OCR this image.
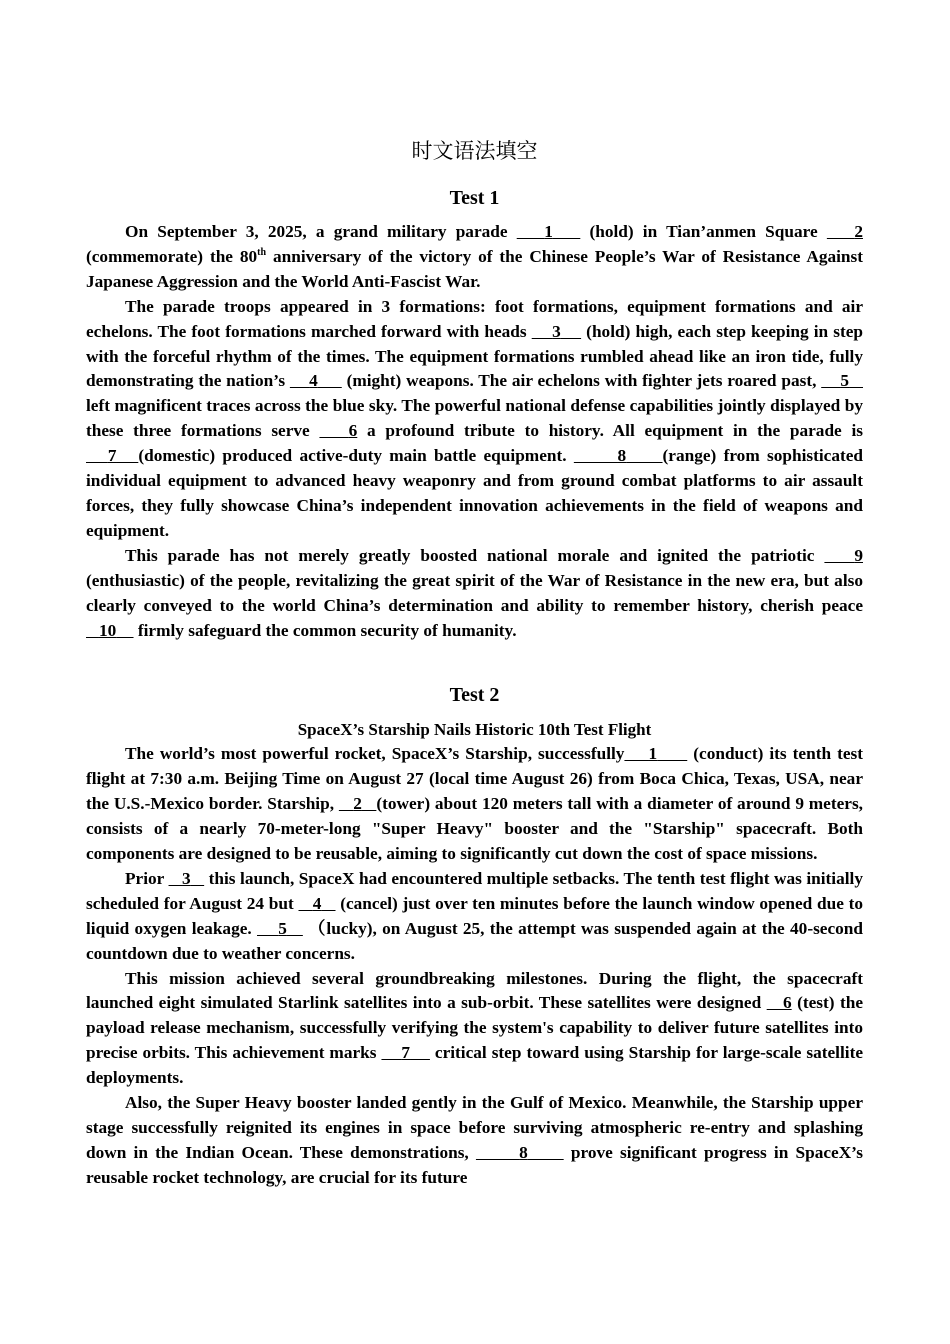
时文语法填空
Test 1

On September 3, 2025, a grand military parade    1    (hold) in Tian’anmen Square    2 (commemorate) the 80th anniversary of the victory of the Chinese People’s War of Resistance Against Japanese Aggression and the World Anti-Fascist War.

The parade troops appeared in 3 formations: foot formations, equipment formations and air echelons. The foot formations marched forward with heads     3     (hold) high, each step keeping in step with the forceful rhythm of the times. The equipment formations rumbled ahead like an iron tide, fully demonstrating the nation’s     4      (might) weapons. The air echelons with fighter jets roared past,     5    left magnificent traces across the blue sky. The powerful national defense capabilities jointly displayed by these three formations serve    6 a profound tribute to history. All equipment in the parade is    7 (domestic) produced active-duty main battle equipment.	8 (range) from sophisticated individual equipment to advanced heavy weaponry and from ground combat platforms to air assault forces, they fully showcase China’s independent innovation achievements in the field of weapons and equipment.

This parade has not merely greatly boosted national morale and ignited the patriotic    9 (enthusiastic) of the people, revitalizing the great spirit of the War of Resistance in the new era, but also clearly conveyed to the world China’s determination and ability to remember history, cherish peace    10     firmly safeguard the common security of humanity.

Test 2
SpaceX’s Starship Nails Historic 10th Test Flight

The world’s most powerful rocket, SpaceX’s Starship, successfully 1      (conduct) its tenth test flight at 7:30 a.m. Beijing Time on August 27 (local time August 26) from Boca Chica, Texas, USA, near the U.S.-Mexico border. Starship,    2 (tower) about 120 meters tall with a diameter of around 9 meters, consists of a nearly 70-meter-long "Super Heavy" booster and the "Starship" spacecraft. Both components are designed to be reusable, aiming to significantly cut down the cost of space missions.

Prior    3    this launch, SpaceX had encountered multiple setbacks. The tenth test flight was initially scheduled for August 24 but    4    (cancel) just over ten minutes before the launch window opened due to liquid oxygen leakage.     5    （lucky), on August 25, the attempt was suspended again at the 40-second countdown due to weather concerns.

This mission achieved several groundbreaking milestones. During the flight, the spacecraft launched eight simulated Starlink satellites into a sub-orbit. These satellites were designed    6 (test) the payload release mechanism, successfully verifying the system's capability to deliver future satellites into precise orbits. This achievement marks     7     critical step toward using Starship for large-scale satellite deployments.

Also, the Super Heavy booster landed gently in the Gulf of Mexico. Meanwhile, the Starship upper stage successfully reignited its engines in space before surviving atmospheric re-entry and splashing down in the Indian Ocean. These demonstrations,       8      prove significant progress in SpaceX’s reusable rocket technology, are crucial for its future
